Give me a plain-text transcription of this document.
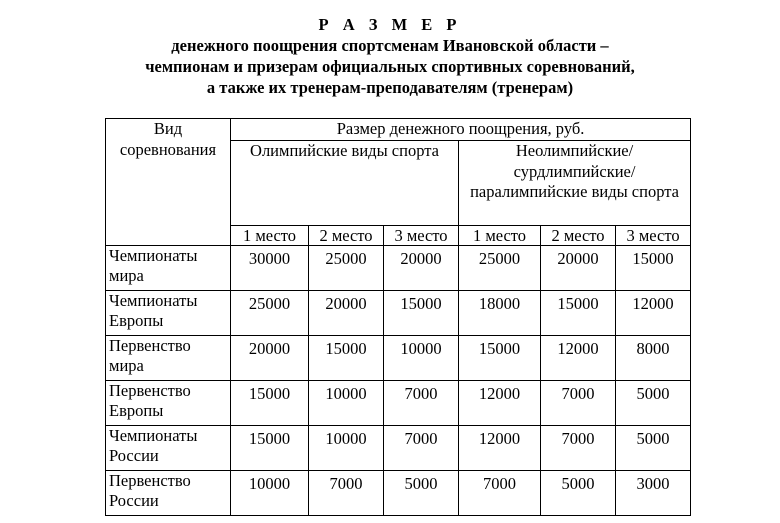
Р А З М Е Р
денежного поощрения спортсменам Ивановской области –
чемпионам и призерам официальных спортивных соревнований,
а также их тренерам-преподавателям (тренерам)
Вид соревнования	Размер денежного поощрения, руб.					
	Олимпийские виды спорта			Неолимпийские/ сурдлимпийские/ паралимпийские виды спорта		
	1 место	2 место	3 место	1 место	2 место	3 место
Чемпионаты мира	30000	25000	20000	25000	20000	15000
Чемпионаты Европы	25000	20000	15000	18000	15000	12000
Первенство мира	20000	15000	10000	15000	12000	8000
Первенство Европы	15000	10000	7000	12000	7000	5000
Чемпионаты России	15000	10000	7000	12000	7000	5000
Первенство России	10000	7000	5000	7000	5000	3000
